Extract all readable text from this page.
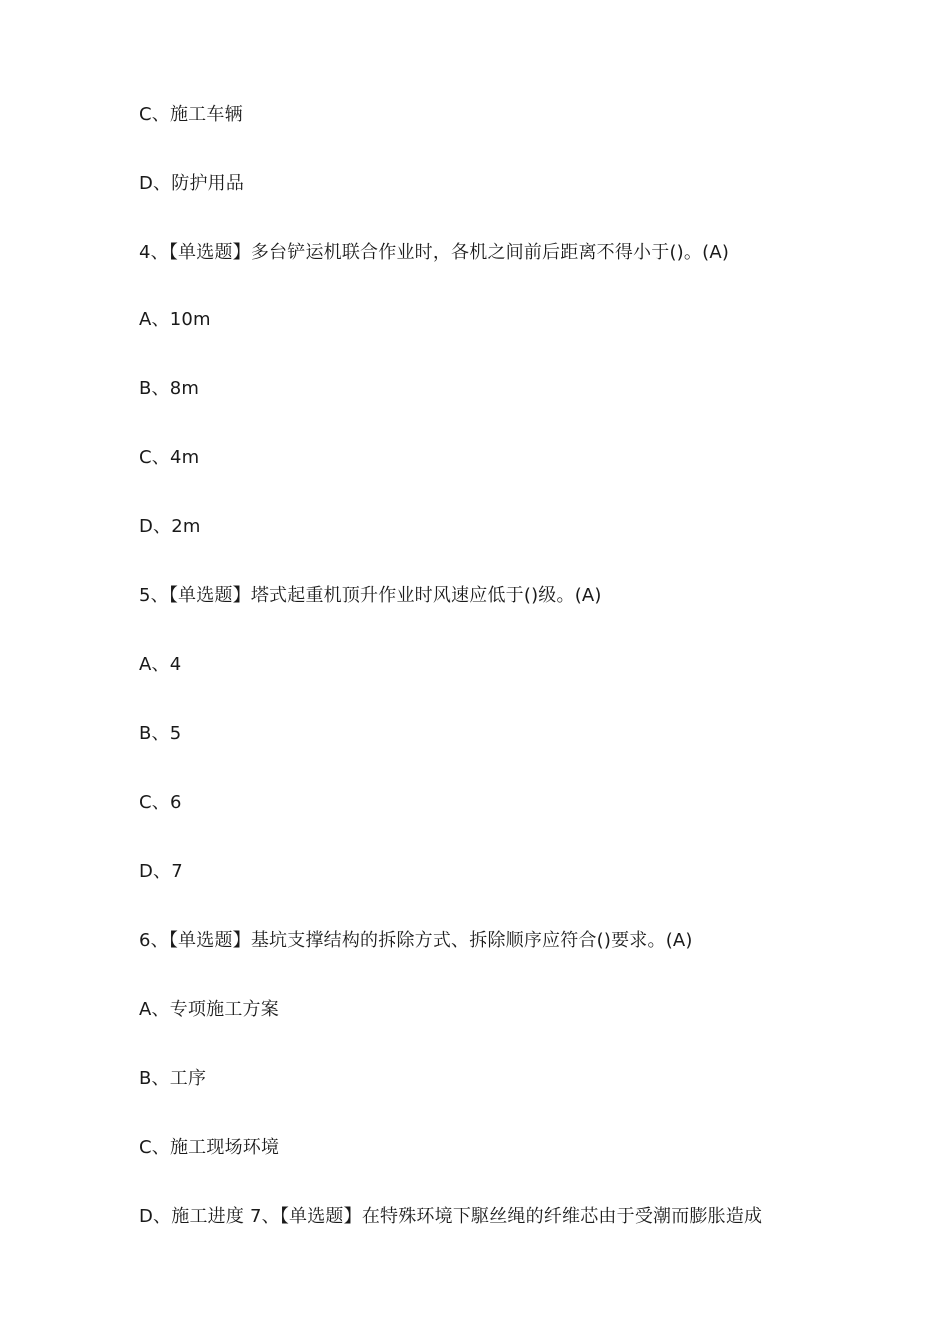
C、施工车辆
D、防护用品
4、【单选题】多台铲运机联合作业时，各机之间前后距离不得小于()。(A)
A、10m
B、8m
C、4m
D、2m
5、【单选题】塔式起重机顶升作业时风速应低于()级。(A)
A、4
B、5
C、6
D、7
6、【单选题】基坑支撑结构的拆除方式、拆除顺序应符合()要求。(A)
A、专项施工方案
B、工序
C、施工现场环境
D、施工进度 7、【单选题】在特殊环境下駆丝绳的纤维芯由于受潮而膨胀造成
